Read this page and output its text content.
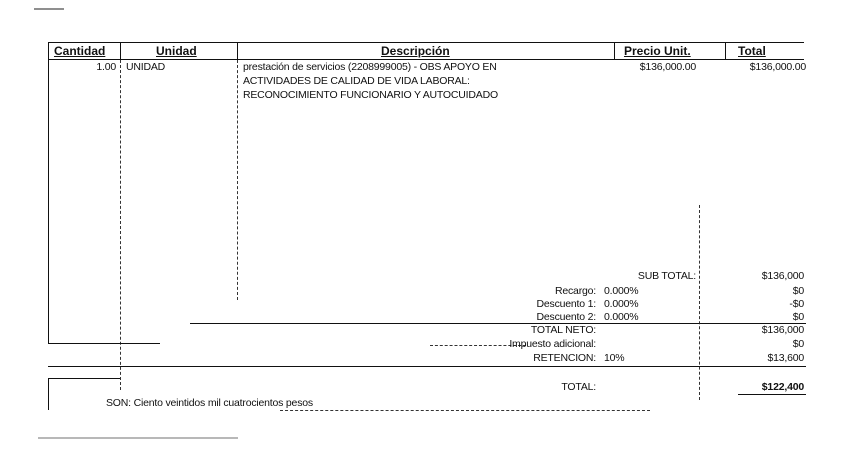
Cantidad	Unidad	Descripción	Precio Unit.	Total
1.00 UNIDAD	prestación de servicios (2208999005) - OBS APOYO EN
ACTIVIDADES DE CALIDAD DE VIDA LABORAL:
RECONOCIMIENTO FUNCIONARIO Y AUTOCUIDADO
$136,000.00	$136,000.00
SUB TOTAL:	$136,000
Recargo: 0.000%	$0
Descuento 1: 0.000%	-$0
Descuento 2: 0.000%	$0
TOTAL NETO:	$136,000
Impuesto adicional:	$0
RETENCION: 10%	$13,600
TOTAL:	$122,400
SON: Ciento veintidos mil cuatrocientos pesos
